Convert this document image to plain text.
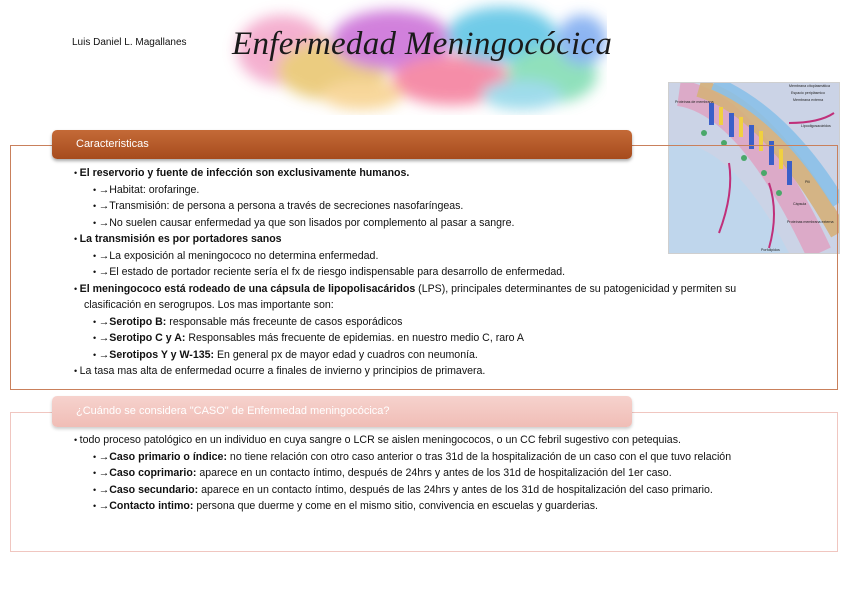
Luis Daniel L. Magallanes Enfermedad Meningocócica
Proteínas de membrana
Membrana citoplasmática
Espacio periplásmico
Membrana externa
Lipooligosacáridos
Pili
Cápsula
Proteínas membrana externa
Porfolipidos
Caracteristicas
• El reservorio y fuente de infección son exclusivamente humanos.
• →Habitat: orofaringe.
• →Transmisión: de persona a persona a través de secreciones nasofaríngeas.
• →No suelen causar enfermedad ya que son lisados por complemento al pasar a sangre.
• La transmisión es por portadores sanos
• →La exposición al meningococo no determina enfermedad.
• →El estado de portador reciente sería el fx de riesgo indispensable para desarrollo de enfermedad.
• El meningococo está rodeado de una cápsula de lipopolisacáridos (LPS), principales determinantes de su patogenicidad y permiten su clasificación en serogrupos. Los mas importante son:
• →Serotipo B: responsable más freceunte de casos esporádicos
• →Serotipo C y A: Responsables más frecuente de epidemias. en nuestro medio C, raro A
• →Serotipos Y y W-135: En general px de mayor edad y cuadros con neumonía.
• La tasa mas alta de enfermedad ocurre a finales de invierno y principios de primavera.
¿Cuándo se considera "CASO" de Enfermedad meningocócica?
• todo proceso patológico en un individuo en cuya sangre o LCR se aislen meningococos, o un CC febril sugestivo con petequias.
• →Caso primario o índice: no tiene relación con otro caso anterior o tras 31d de la hospitalización de un caso con el que tuvo relación
• →Caso coprimario: aparece en un contacto íntimo, después de 24hrs y antes de los 31d de hospitalización del 1er caso.
• →Caso secundario: aparece en un contacto íntimo, después de las 24hrs y antes de los 31d de hospitalización del caso primario.
• →Contacto intimo: persona que duerme y come en el mismo sitio, convivencia en escuelas y guarderias.
